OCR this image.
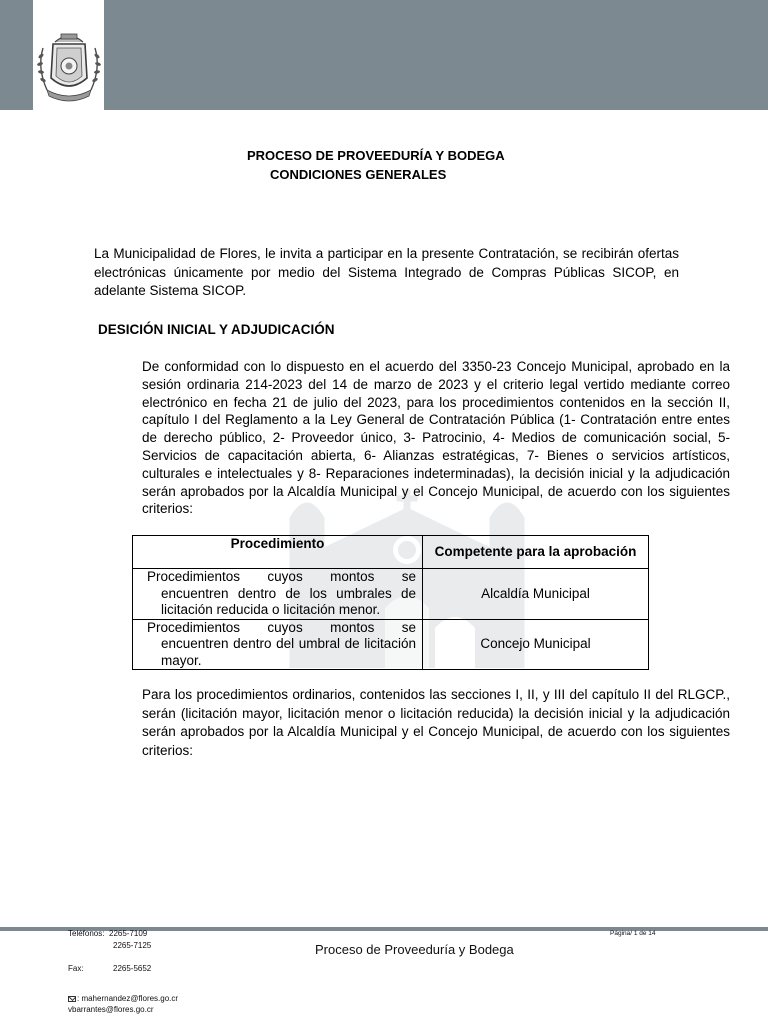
PROCESO DE PROVEEDURÍA Y BODEGA
CONDICIONES GENERALES

La Municipalidad de Flores, le invita a participar en la presente Contratación, se recibirán ofertas electrónicas únicamente por medio del Sistema Integrado de Compras Públicas SICOP, en adelante Sistema SICOP.

DESICIÓN INICIAL Y ADJUDICACIÓN

De conformidad con lo dispuesto en el acuerdo del 3350-23 Concejo Municipal, aprobado en la sesión ordinaria 214-2023 del 14 de marzo de 2023 y el criterio legal vertido mediante correo electrónico en fecha 21 de julio del 2023, para los procedimientos contenidos en la sección II, capítulo I del Reglamento a la Ley General de Contratación Pública (1- Contratación entre entes de derecho público, 2- Proveedor único, 3- Patrocinio, 4- Medios de comunicación social, 5- Servicios de capacitación abierta, 6- Alianzas estratégicas, 7- Bienes o servicios artísticos, culturales e intelectuales y 8- Reparaciones indeterminadas), la decisión inicial y la adjudicación serán aprobados por la Alcaldía Municipal y el Concejo Municipal, de acuerdo con los siguientes criterios:

Procedimiento	Competente para la aprobación
Procedimientos cuyos montos se encuentren dentro de los umbrales de licitación reducida o licitación menor.	Alcaldía Municipal
Procedimientos cuyos montos se encuentren dentro del umbral de licitación mayor.	Concejo Municipal

Para los procedimientos ordinarios, contenidos las secciones I, II, y III del capítulo II del RLGCP., serán (licitación mayor, licitación menor o licitación reducida) la decisión inicial y la adjudicación serán aprobados por la Alcaldía Municipal y el Concejo Municipal, de acuerdo con los siguientes criterios:

Teléfonos: 2265-7109
2265-7125
Fax:	2265-5652
: mahernandez@flores.go.cr
vbarrantes@flores.go.cr
Proceso de Proveeduría y Bodega
Página/ 1 de 14
